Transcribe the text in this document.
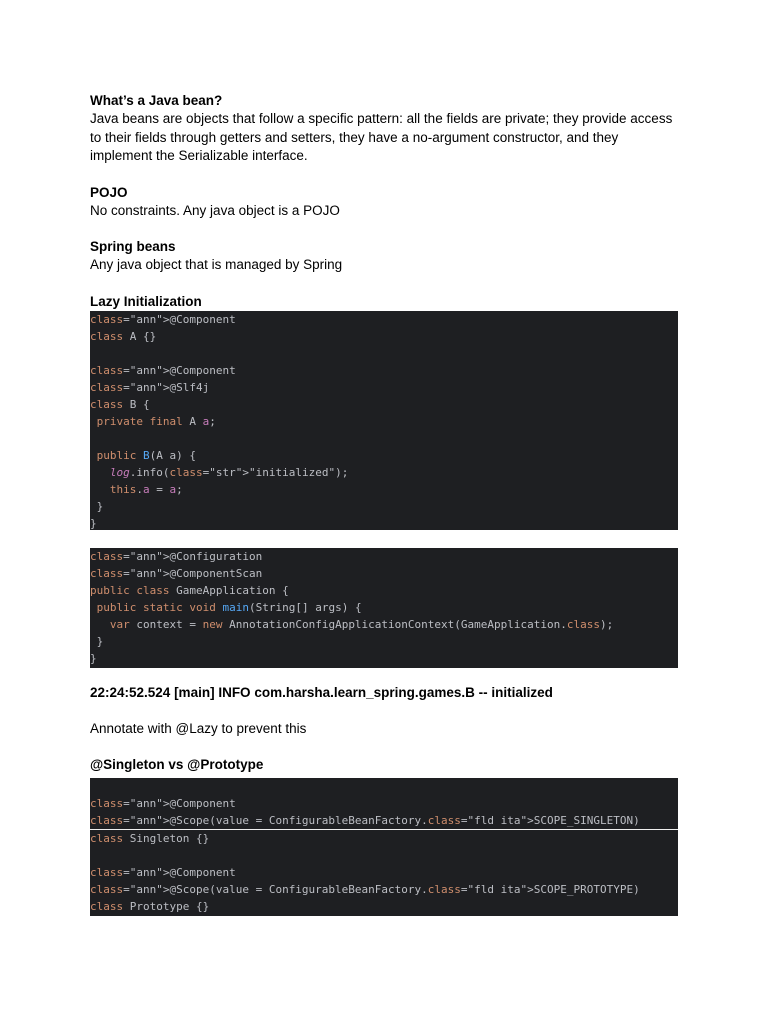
What’s a Java bean?

Java beans are objects that follow a specific pattern: all the fields are private; they provide access to their fields through getters and setters, they have a no-argument constructor, and they implement the Serializable interface.

POJO

No constraints. Any java object is a POJO

Spring beans

Any java object that is managed by Spring

Lazy Initialization
class="ann">@Component
class A {}

class="ann">@Component
class="ann">@Slf4j
class B {
private final A a;

public B(A a) {
log.info(class="str">"initialized");
this.a = a;
}
}
class="ann">@Configuration
class="ann">@ComponentScan
public class GameApplication {
public static void main(String[] args) {
var context = new AnnotationConfigApplicationContext(GameApplication.class);
}
}
22:24:52.524 [main] INFO com.harsha.learn_spring.games.B -- initialized

Annotate with @Lazy to prevent this

@Singleton vs @Prototype

class="ann">@Component
class="ann">@Scope(value = ConfigurableBeanFactory.class="fld ita">SCOPE_SINGLETON)
class Singleton {}

class="ann">@Component
class="ann">@Scope(value = ConfigurableBeanFactory.class="fld ita">SCOPE_PROTOTYPE)
class Prototype {}
